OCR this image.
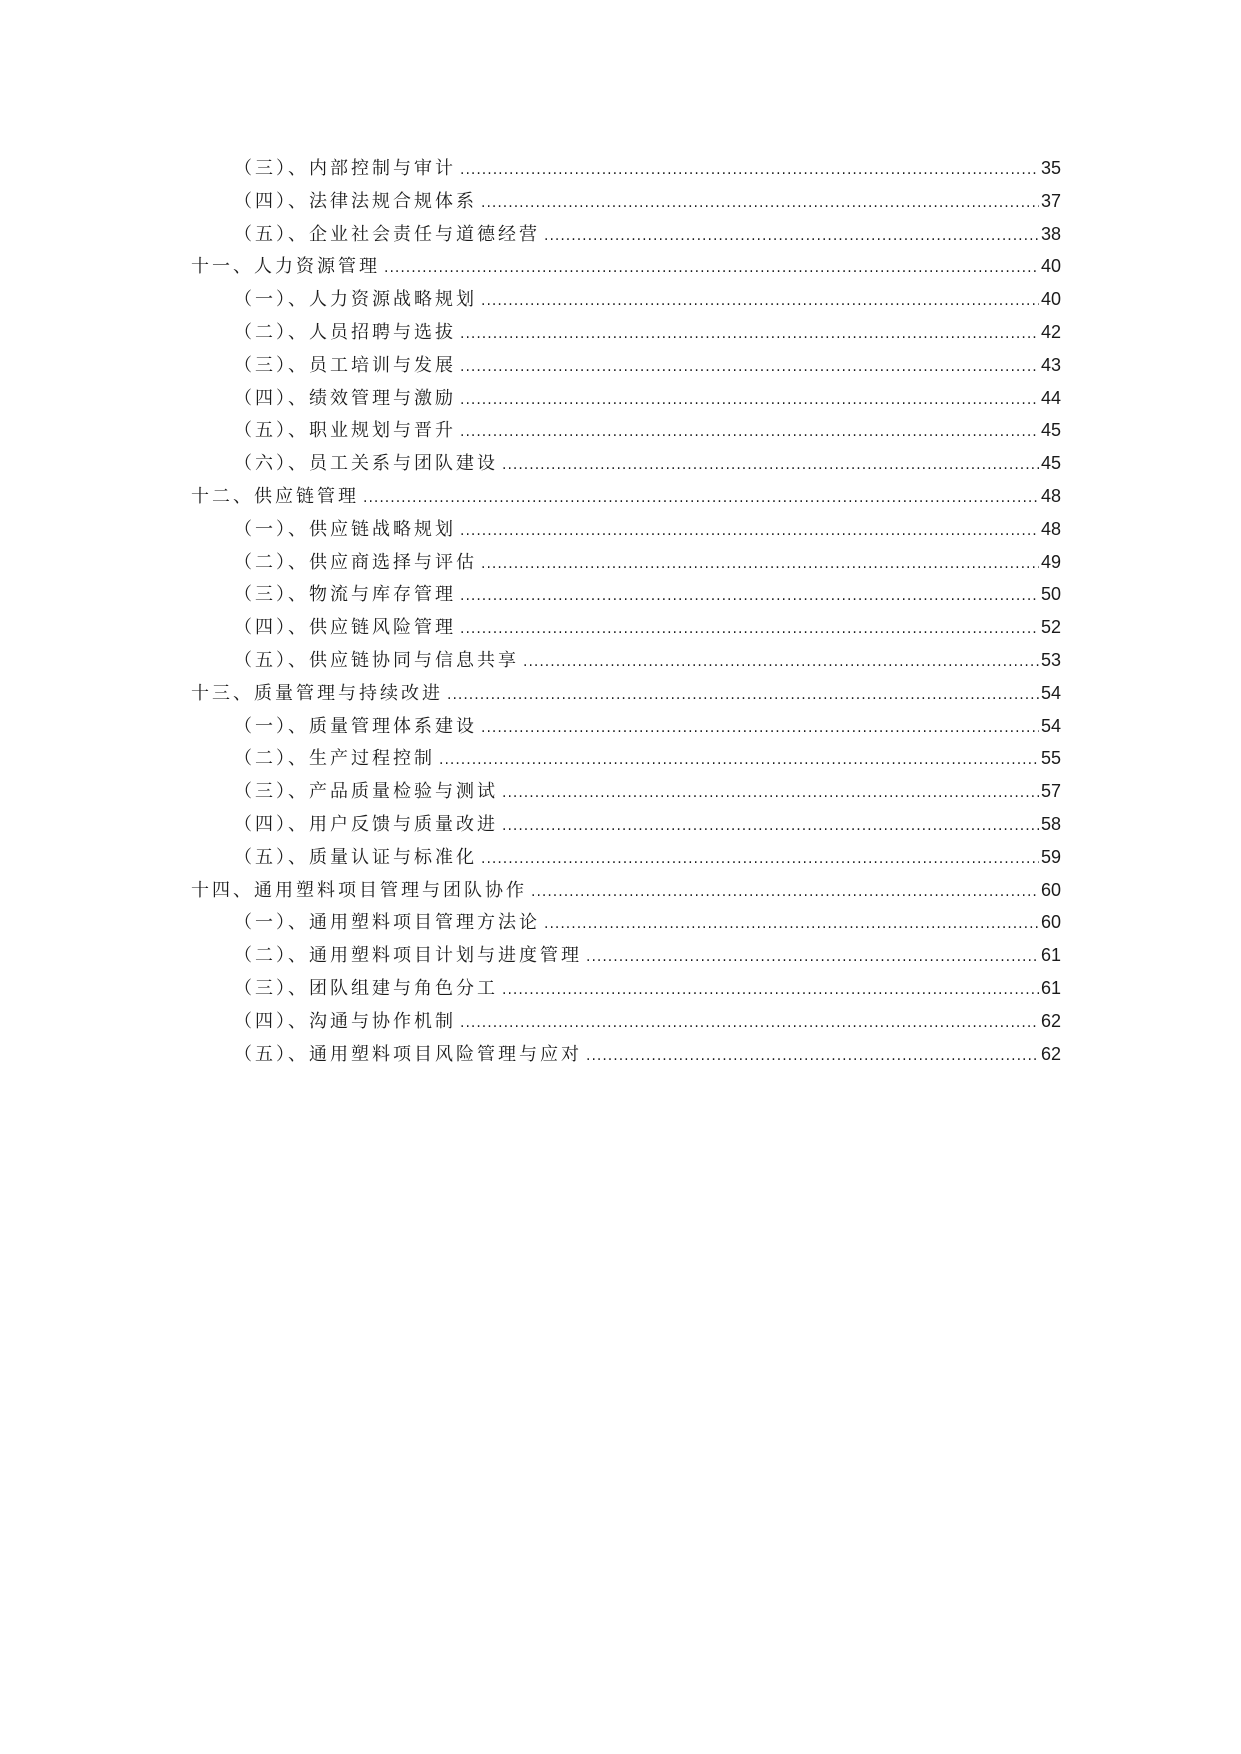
（三）、内部控制与审计 .....	35
（四）、法律法规合规体系 .....	37
（五）、企业社会责任与道德经营 .....	38
十一、人力资源管理 .....	40
（一）、人力资源战略规划 .....	40
（二）、人员招聘与选拔 .....	42
（三）、员工培训与发展 .....	43
（四）、绩效管理与激励 .....	44
（五）、职业规划与晋升 .....	45
（六）、员工关系与团队建设 .....	45
十二、供应链管理 .....	48
（一）、供应链战略规划 .....	48
（二）、供应商选择与评估 .....	49
（三）、物流与库存管理 .....	50
（四）、供应链风险管理 .....	52
（五）、供应链协同与信息共享 .....	53
十三、质量管理与持续改进 .....	54
（一）、质量管理体系建设 .....	54
（二）、生产过程控制 .....	55
（三）、产品质量检验与测试 .....	57
（四）、用户反馈与质量改进 .....	58
（五）、质量认证与标准化 .....	59
十四、通用塑料项目管理与团队协作 .....	60
（一）、通用塑料项目管理方法论 .....	60
（二）、通用塑料项目计划与进度管理 .....	61
（三）、团队组建与角色分工 .....	61
（四）、沟通与协作机制 .....	62
（五）、通用塑料项目风险管理与应对 .....	62
